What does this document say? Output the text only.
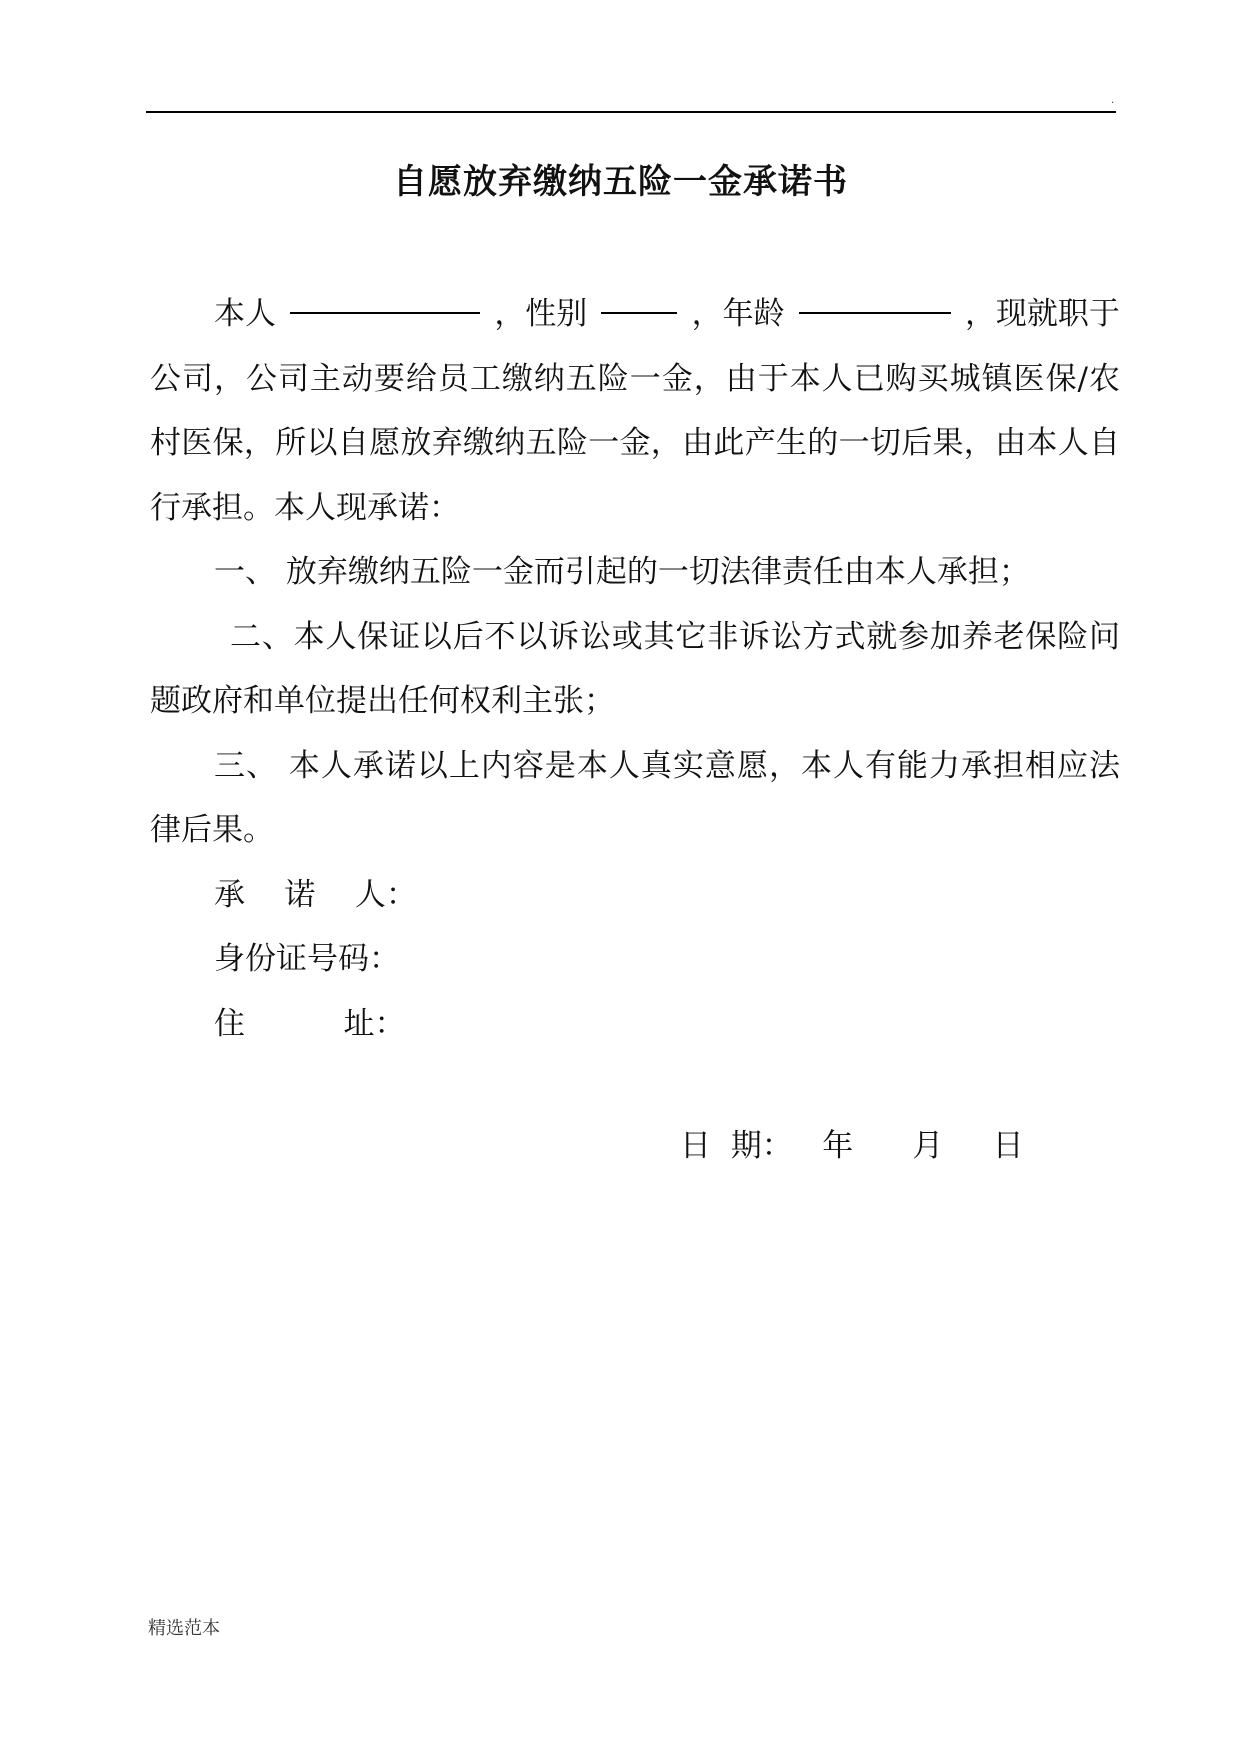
.
自愿放弃缴纳五险一金承诺书
本人	，性别	，年龄	，现就职于

公司，公司主动要给员工缴纳五险一金，由于本人已购买城镇医保/农村医保，所以自愿放弃缴纳五险一金，由此产生的一切后果，由本人自行承担。本人现承诺：

一、 放弃缴纳五险一金而引起的一切法律责任由本人承担；

二、本人保证以后不以诉讼或其它非诉讼方式就参加养老保险问题政府和单位提出任何权利主张；

三、 本人承诺以上内容是本人真实意愿，本人有能力承担相应法律后果。

承    诺    人：
身份证号码：
住          址：
日  期：   年      月     日
精选范本
